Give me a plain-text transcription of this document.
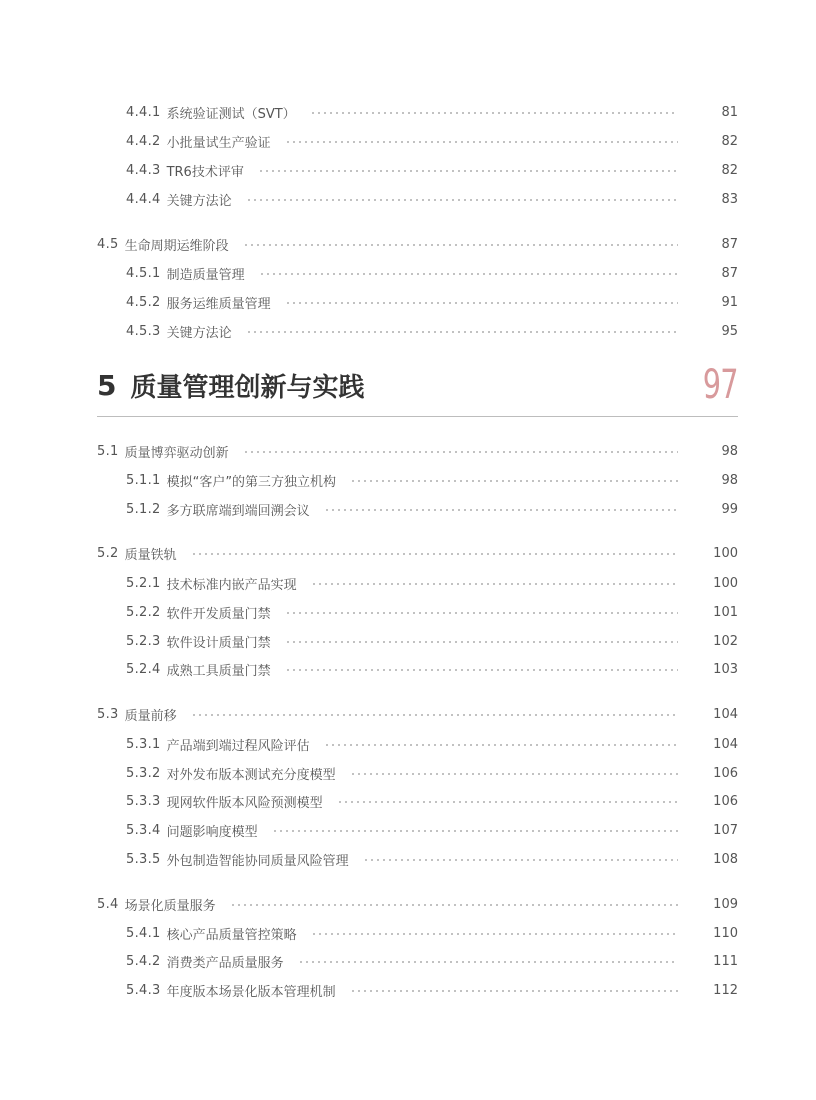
4.4.1 系统验证测试（SVT）	81
4.4.2 小批量试生产验证	82
4.4.3 TR6技术评审	82
4.4.4 关键方法论	83
4.5 生命周期运维阶段	87
4.5.1 制造质量管理	87
4.5.2 服务运维质量管理	91
4.5.3 关键方法论	95
5 质量管理创新与实践	97
5.1 质量博弈驱动创新	98
5.1.1 模拟“客户”的第三方独立机构	98
5.1.2 多方联席端到端回溯会议	99
5.2 质量铁轨	100
5.2.1 技术标准内嵌产品实现	100
5.2.2 软件开发质量门禁	101
5.2.3 软件设计质量门禁	102
5.2.4 成熟工具质量门禁	103
5.3 质量前移	104
5.3.1 产品端到端过程风险评估	104
5.3.2 对外发布版本测试充分度模型	106
5.3.3 现网软件版本风险预测模型	106
5.3.4 问题影响度模型	107
5.3.5 外包制造智能协同质量风险管理	108
5.4 场景化质量服务	109
5.4.1 核心产品质量管控策略	110
5.4.2 消费类产品质量服务	111
5.4.3 年度版本场景化版本管理机制	112
